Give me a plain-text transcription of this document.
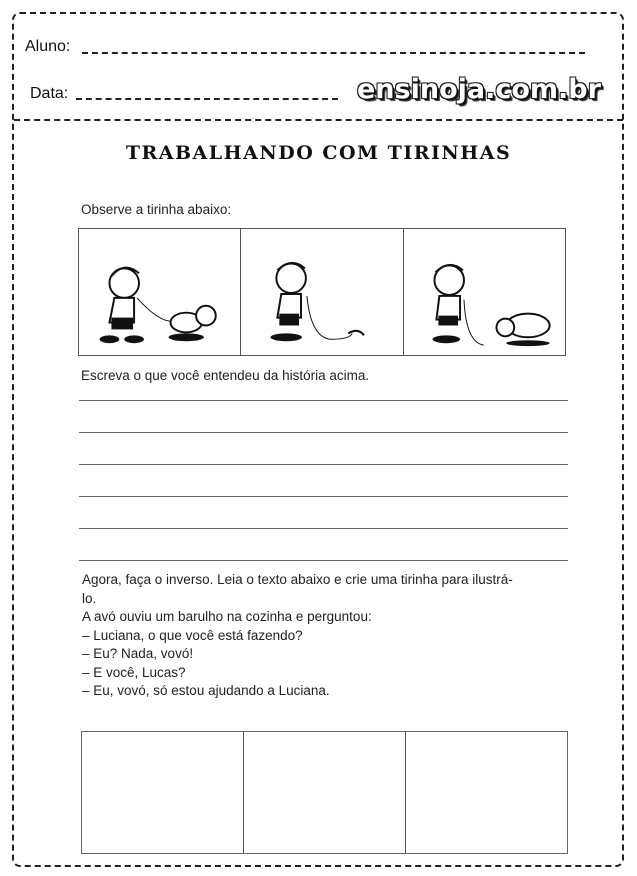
Aluno:
Data:	ensinoja.com.br
TRABALHANDO COM TIRINHAS
Observe a tirinha abaixo:
Escreva o que você entendeu da história acima.
Agora, faça o inverso. Leia o texto abaixo e crie uma tirinha para ilustrá-
lo.
A avó ouviu um barulho na cozinha e perguntou:
– Luciana, o que você está fazendo?
– Eu? Nada, vovó!
– E você, Lucas?
– Eu, vovó, só estou ajudando a Luciana.
